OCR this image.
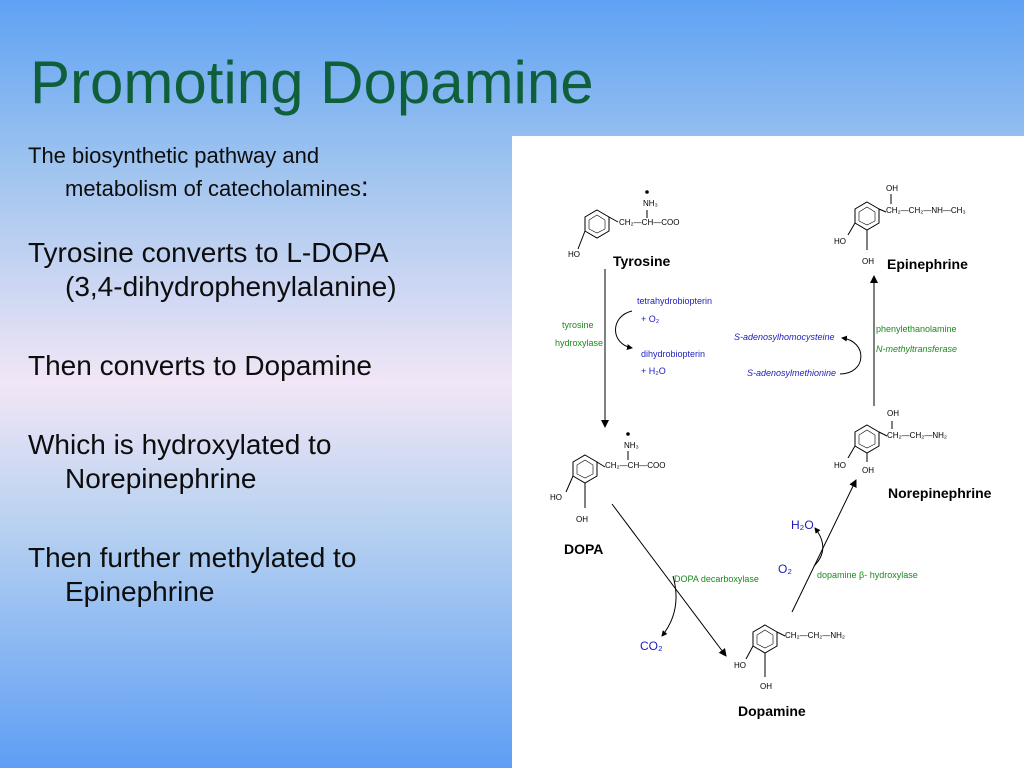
Promoting Dopamine
The biosynthetic pathway and
metabolism of catecholamines:
Tyrosine converts to L-DOPA
(3,4-dihydrophenylalanine)
Then converts to Dopamine
Which is hydroxylated to
Norepinephrine
Then further methylated to
Epinephrine
NH₃
CH₂—CH—COO
HO Tyrosine
tyrosine
hydroxylase
tetrahydrobiopterin
+ O₂
dihydrobiopterin
+ H₂O
NH₃
CH₂—CH—COO
HO
OH
DOPA
DOPA decarboxylase
CO₂
CH₂—CH₂—NH₂
HO
OH
Dopamine
dopamine β- hydroxylase
O₂
H₂O
OH
CH₂—CH₂—NH₂
HO
OH
Norepinephrine
phenylethanolamine
N-methyltransferase
S-adenosylhomocysteine
S-adenosylmethionine
OH
CH₂—CH₂—NH—CH₃
HO
OH Epinephrine
